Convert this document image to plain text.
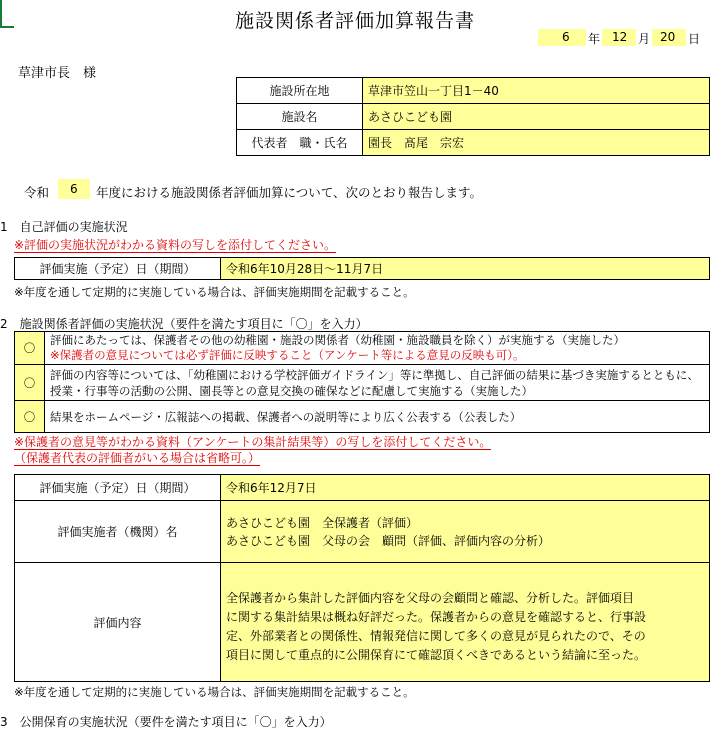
施設関係者評価加算報告書
6 年 12 月 20 日
草津市長　様
施設所在地	草津市笠山一丁目1－40
施設名	あさひこども園
代表者　職・氏名	園長　髙尾　宗宏
令和 6 年度における施設関係者評価加算について、次のとおり報告します。
1　自己評価の実施状況
※評価の実施状況がわかる資料の写しを添付してください。
評価実施（予定）日（期間）	令和6年10月28日～11月7日
※年度を通して定期的に実施している場合は、評価実施期間を記載すること。
2　施設関係者評価の実施状況（要件を満たす項目に「〇」を入力）
〇	評価にあたっては、保護者その他の幼稚園・施設の関係者（幼稚園・施設職員を除く）が実施する（実施した）
※保護者の意見については必ず評価に反映すること（アンケート等による意見の反映も可）。

〇	評価の内容等については、「幼稚園における学校評価ガイドライン」等に準拠し、自己評価の結果に基づき実施するとともに、
授業・行事等の活動の公開、園長等との意見交換の確保などに配慮して実施する（実施した）

〇	結果をホームページ・広報誌への掲載、保護者への説明等により広く公表する（公表した）
※保護者の意見等がわかる資料（アンケートの集計結果等）の写しを添付してください。
（保護者代表の評価者がいる場合は省略可。）
評価実施（予定）日（期間）	令和6年12月7日
評価実施者（機関）名	あさひこども園　全保護者（評価）
あさひこども園　父母の会　顧問（評価、評価内容の分析）

評価内容	全保護者から集計した評価内容を父母の会顧問と確認、分析した。評価項目
に関する集計結果は概ね好評だった。保護者からの意見を確認すると、行事設
定、外部業者との関係性、情報発信に関して多くの意見が見られたので、その
項目に関して重点的に公開保育にて確認頂くべきであるという結論に至った。
※年度を通して定期的に実施している場合は、評価実施期間を記載すること。
3　公開保育の実施状況（要件を満たす項目に「〇」を入力）
